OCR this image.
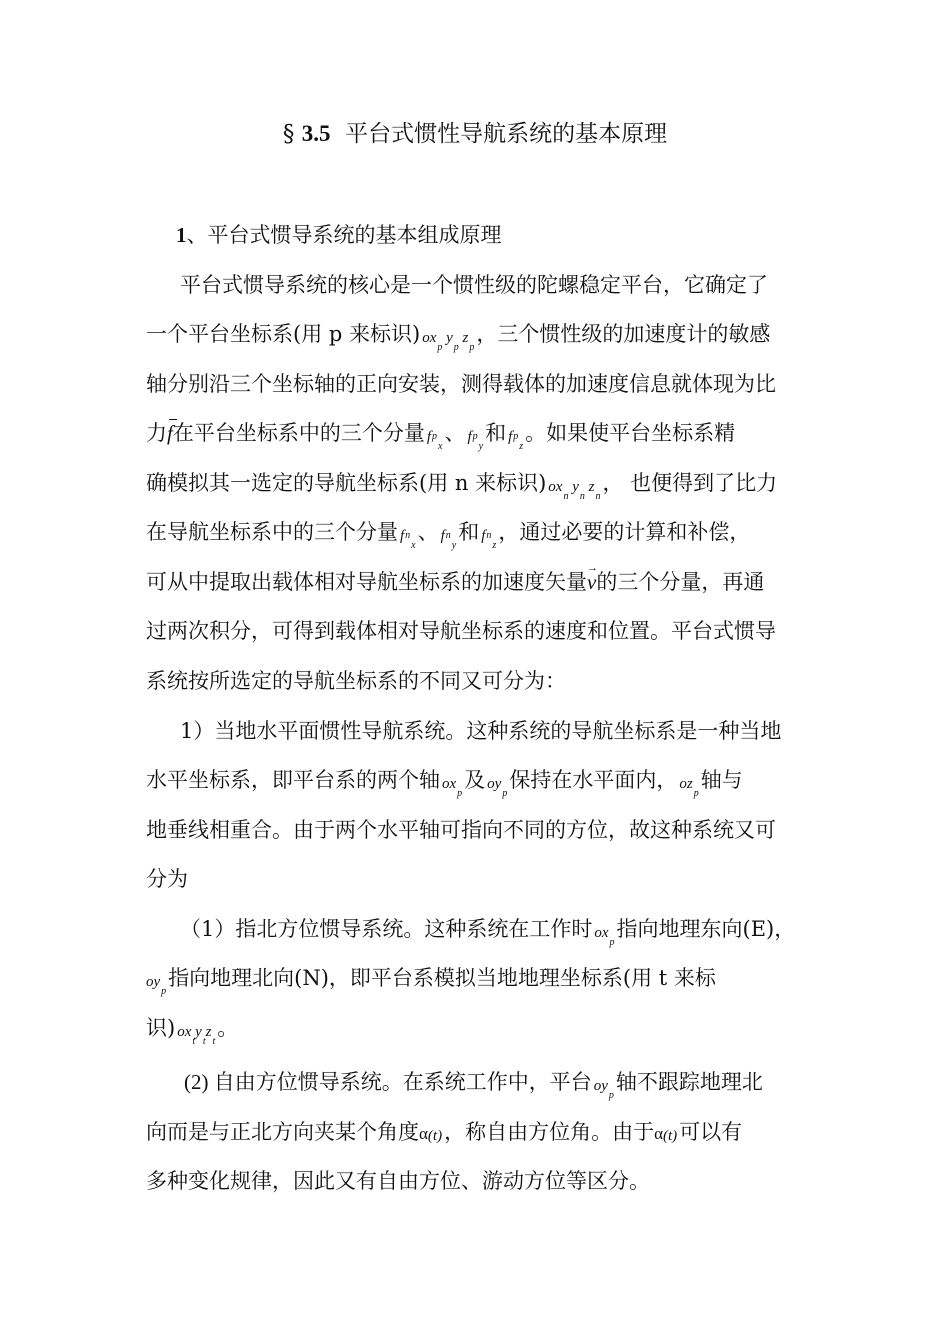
§ 3.5 平台式惯性导航系统的基本原理
1、平台式惯导系统的基本组成原理
平台式惯导系统的核心是一个惯性级的陀螺稳定平台，它确定了
一个平台坐标系(用 p 来标识) $ox_p$ $y_p$ $z_p$，三个惯性级的加速度计的敏感
轴分别沿三个坐标轴的正向安装，测得载体的加速度信息就体现为比
力f在平台坐标系中的三个分量 $f^p_x$、 $f^p_y$和 $f^p_z$。如果使平台坐标系精
确模拟其一选定的导航坐标系(用 n 来标识) $ox_n$ $y_n$ $z_n$， 也便得到了比力
在导航坐标系中的三个分量 $f^n_x$、 $f^n_y$和 $f^n_z$，通过必要的计算和补偿，
可从中提取出载体相对导航坐标系的加速度矢量→ v的三个分量，再通
过两次积分，可得到载体相对导航坐标系的速度和位置。平台式惯导
系统按所选定的导航坐标系的不同又可分为：
1）当地水平面惯性导航系统。这种系统的导航坐标系是一种当地
水平坐标系，即平台系的两个轴 $ox_p$及 $oy_p$保持在水平面内， $oz_p$轴与
地垂线相重合。由于两个水平轴可指向不同的方位，故这种系统又可
分为
（1）指北方位惯导系统。这种系统在工作时 $ox_p$指向地理东向(E)，
$oy_p$指向地理北向(N)，即平台系模拟当地地理坐标系(用 t 来标
识) $ox_ty_tz_t$。
(2) 自由方位惯导系统。在系统工作中，平台 $oy_p$轴不跟踪地理北
向而是与正北方向夹某个角度α(t)，称自由方位角。由于α(t)可以有
多种变化规律，因此又有自由方位、游动方位等区分。
